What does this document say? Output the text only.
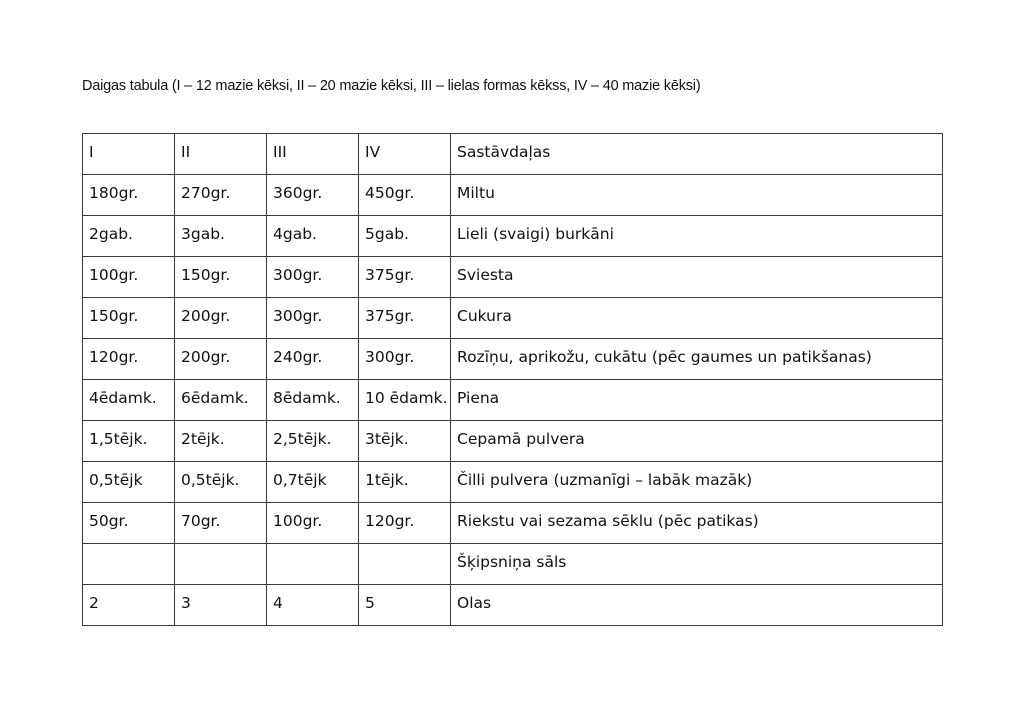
Daigas tabula (I – 12 mazie kēksi, II – 20 mazie kēksi, III – lielas formas kēkss, IV – 40 mazie kēksi)
I	II	III	IV	Sastāvdaļas
180gr.	270gr.	360gr.	450gr.	Miltu
2gab.	3gab.	4gab.	5gab.	Lieli (svaigi) burkāni
100gr.	150gr.	300gr.	375gr.	Sviesta
150gr.	200gr.	300gr.	375gr.	Cukura
120gr.	200gr.	240gr.	300gr.	Rozīņu, aprikožu, cukātu (pēc gaumes un patikšanas)
4ēdamk.	6ēdamk.	8ēdamk.	10 ēdamk.	Piena
1,5tējk.	2tējk.	2,5tējk.	3tējk.	Cepamā pulvera
0,5tējk	0,5tējk.	0,7tējk	1tējk.	Čilli pulvera (uzmanīgi – labāk mazāk)
50gr.	70gr.	100gr.	120gr.	Riekstu vai sezama sēklu (pēc patikas)
				Šķipsniņa sāls
2	3	4	5	Olas
